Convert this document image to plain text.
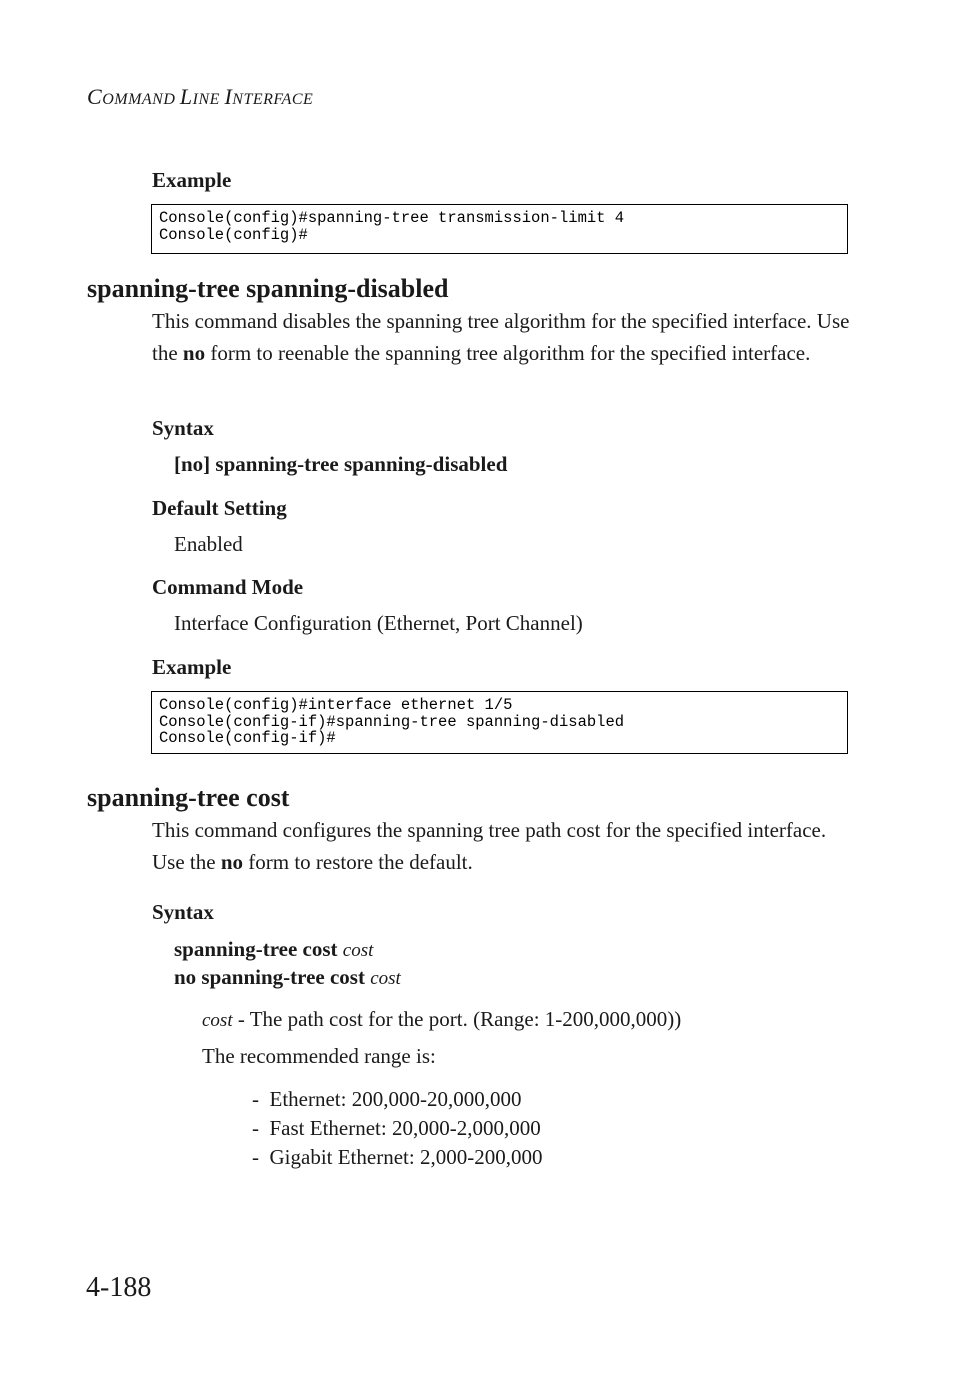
COMMAND LINE INTERFACE
Example
Console(config)#spanning-tree transmission-limit 4
Console(config)#
spanning-tree spanning-disabled
This command disables the spanning tree algorithm for the specified interface. Use the no form to reenable the spanning tree algorithm for the specified interface.
Syntax
[no] spanning-tree spanning-disabled
Default Setting
Enabled
Command Mode
Interface Configuration (Ethernet, Port Channel)
Example
Console(config)#interface ethernet 1/5
Console(config-if)#spanning-tree spanning-disabled
Console(config-if)#
spanning-tree cost
This command configures the spanning tree path cost for the specified interface. Use the no form to restore the default.
Syntax
spanning-tree cost cost
no spanning-tree cost cost
cost - The path cost for the port. (Range: 1-200,000,000))
The recommended range is:
-  Ethernet: 200,000-20,000,000
-  Fast Ethernet: 20,000-2,000,000
-  Gigabit Ethernet: 2,000-200,000
4-188
